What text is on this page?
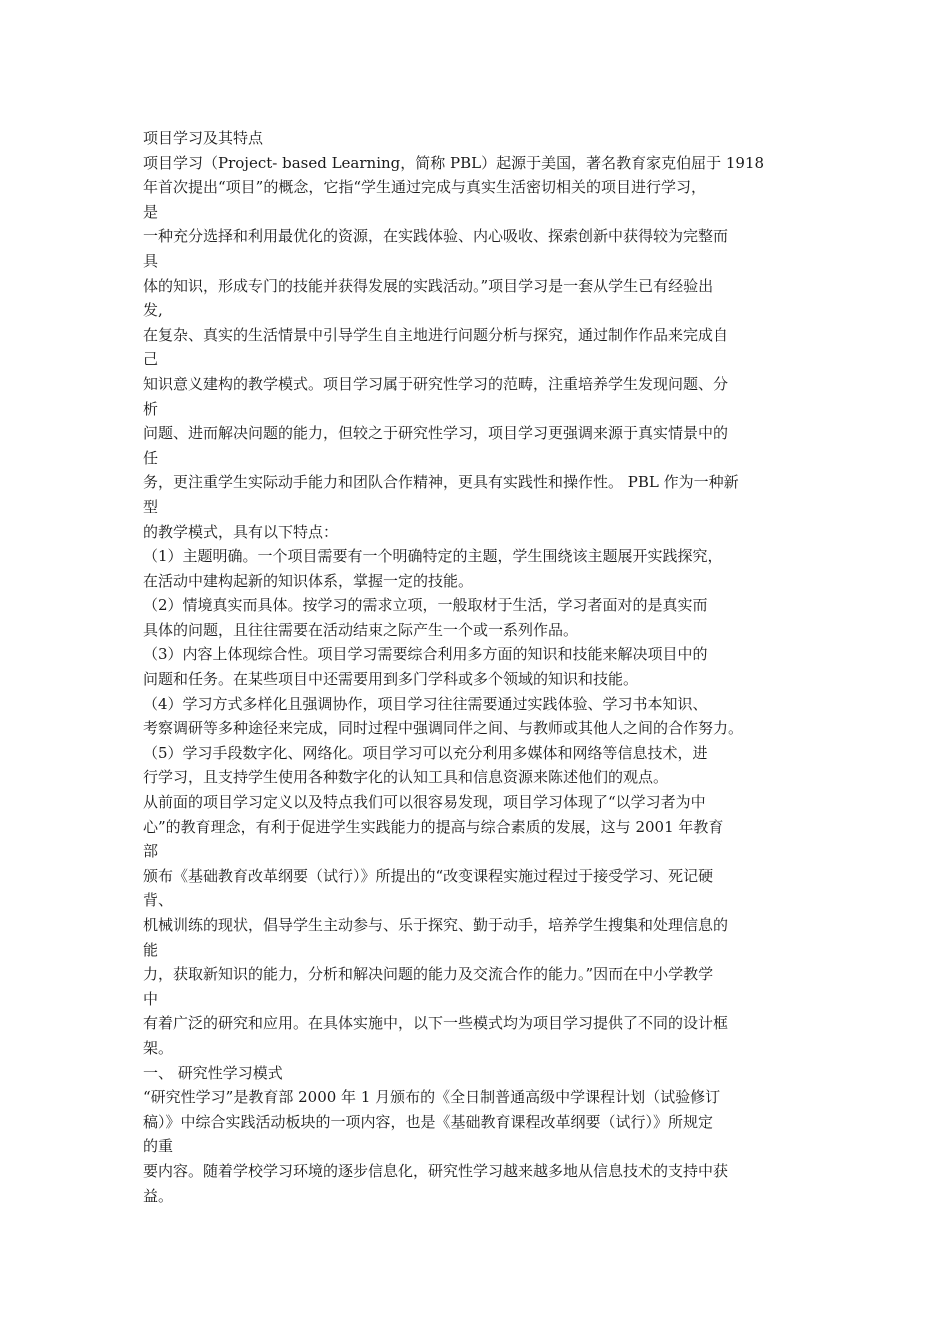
项目学习及其特点
项目学习（Project- based Learning，简称 PBL）起源于美国，著名教育家克伯屈于 1918
年首次提出“项目”的概念，它指“学生通过完成与真实生活密切相关的项目进行学习，
是
一种充分选择和利用最优化的资源，在实践体验、内心吸收、探索创新中获得较为完整而
具
体的知识，形成专门的技能并获得发展的实践活动。”项目学习是一套从学生已有经验出
发,
在复杂、真实的生活情景中引导学生自主地进行问题分析与探究，通过制作作品来完成自
己
知识意义建构的教学模式。项目学习属于研究性学习的范畴，注重培养学生发现问题、分
析
问题、进而解决问题的能力，但较之于研究性学习，项目学习更强调来源于真实情景中的
任
务，更注重学生实际动手能力和团队合作精神，更具有实践性和操作性。 PBL 作为一种新
型
的教学模式，具有以下特点：
（1）主题明确。一个项目需要有一个明确特定的主题，学生围绕该主题展开实践探究，
在活动中建构起新的知识体系，掌握一定的技能。
（2）情境真实而具体。按学习的需求立项，一般取材于生活，学习者面对的是真实而
具体的问题，且往往需要在活动结束之际产生一个或一系列作品。
（3）内容上体现综合性。项目学习需要综合利用多方面的知识和技能来解决项目中的
问题和任务。在某些项目中还需要用到多门学科或多个领域的知识和技能。
（4）学习方式多样化且强调协作，项目学习往往需要通过实践体验、学习书本知识、
考察调研等多种途径来完成，同时过程中强调同伴之间、与教师或其他人之间的合作努力。
（5）学习手段数字化、网络化。项目学习可以充分利用多媒体和网络等信息技术，进
行学习，且支持学生使用各种数字化的认知工具和信息资源来陈述他们的观点。
从前面的项目学习定义以及特点我们可以很容易发现，项目学习体现了“以学习者为中
心”的教育理念，有利于促进学生实践能力的提高与综合素质的发展，这与 2001 年教育
部
颁布《基础教育改革纲要（试行）》所提出的“改变课程实施过程过于接受学习、死记硬
背、
机械训练的现状，倡导学生主动参与、乐于探究、勤于动手，培养学生搜集和处理信息的
能
力，获取新知识的能力，分析和解决问题的能力及交流合作的能力。”因而在中小学教学
中
有着广泛的研究和应用。在具体实施中，以下一些模式均为项目学习提供了不同的设计框
架。
一、 研究性学习模式
“研究性学习”是教育部 2000 年 1 月颁布的《全日制普通高级中学课程计划（试验修订
稿）》中综合实践活动板块的一项内容，也是《基础教育课程改革纲要（试行）》所规定
的重
要内容。随着学校学习环境的逐步信息化，研究性学习越来越多地从信息技术的支持中获
益。
